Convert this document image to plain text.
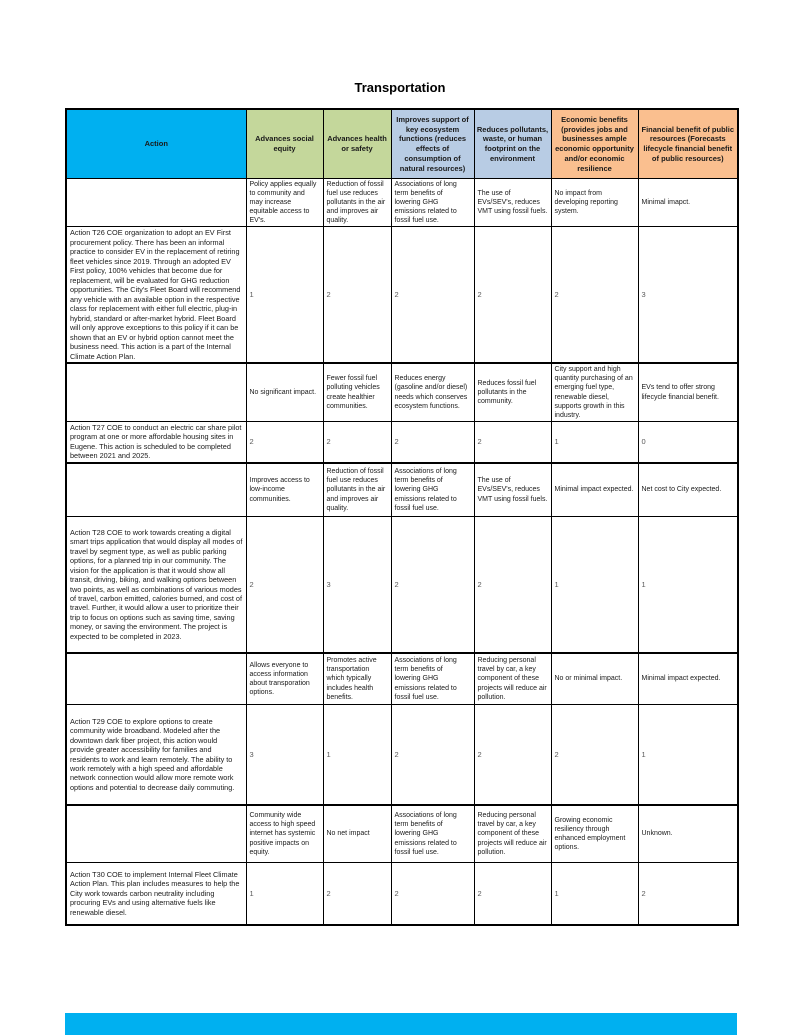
Transportation
Action	Advances social equity	Advances health or safety	Improves support of key ecosystem functions (reduces effects of consumption of natural resources)	Reduces pollutants, waste, or human footprint on the environment	Economic benefits (provides jobs and businesses ample economic opportunity and/or economic resilience	Financial benefit of public resources (Forecasts lifecycle financial benefit of public resources)
	Policy applies equally to community and may increase equitable access to EV's.	Reduction of fossil fuel use reduces pollutants in the air and improves air quality.	Associations of long term benefits of lowering GHG emissions related to fossil fuel use.	The use of EVs/SEV's, reduces VMT using fossil fuels.	No impact from developing reporting system.	Minimal imapct.
Action T26 COE organization to adopt an EV First procurement policy. There has been an informal practice to consider EV in the replacement of retiring fleet vehicles since 2019. Through an adopted EV First policy, 100% vehicles that become due for replacement, will be evaluated for GHG reduction opportunities. The City's Fleet Board will recommend any vehicle with an available option in the respective class for replacement with either full electric, plug-in hybrid, standard or after-market hybrid. Fleet Board will only approve exceptions to this policy if it can be shown that an EV or hybrid option cannot meet the business need. This action is a part of the Internal Climate Action Plan.	1	2	2	2	2	3
	No significant impact.	Fewer fossil fuel polluting vehicles create healthier communities.	Reduces energy (gasoline and/or diesel) needs which conserves ecosystem functions.	Reduces fossil fuel pollutants in the community.	City support and high quantity purchasing of an emerging fuel type, renewable diesel, supports growth in this industry.	EVs tend to offer strong lifecycle financial benefit.
Action T27 COE to conduct an electric car share pilot program at one or more affordable housing sites in Eugene. This action is scheduled to be completed between 2021 and 2025.	2	2	2	2	1	0
	Improves access to low-income communities.	Reduction of fossil fuel use reduces pollutants in the air and improves air quality.	Associations of long term benefits of lowering GHG emissions related to fossil fuel use.	The use of EVs/SEV's, reduces VMT using fossil fuels.	Minimal impact expected.	Net cost to City expected.
Action T28 COE to work towards creating a digital smart trips application that would display all modes of travel by segment type, as well as public parking options, for a planned trip in our community. The vision for the application is that it would show all transit, driving, biking, and walking options between two points, as well as combinations of various modes of travel, carbon emitted, calories burned, and cost of travel. Further, it would allow a user to prioritize their trip to focus on options such as saving time, saving money, or saving the environment. The project is expected to be completed in 2023.	2	3	2	2	1	1
	Allows everyone to access information about transporation options.	Promotes active transportation which typically includes health benefits.	Associations of long term benefits of lowering GHG emissions related to fossil fuel use.	Reducing personal travel by car, a key component of these projects will reduce air pollution.	No or minimal impact.	Minimal impact expected.
Action T29 COE to explore options to create community wide broadband. Modeled after the downtown dark fiber project, this action would provide greater accessibility for families and residents to work and learn remotely. The ability to work remotely with a high speed and affordable network connection would allow more remote work options and potential to decrease daily commuting.	3	1	2	2	2	1
	Community wide access to high speed internet has systemic positive impacts on equity.	No net impact	Associations of long term benefits of lowering GHG emissions related to fossil fuel use.	Reducing personal travel by car, a key component of these projects will reduce air pollution.	Growing economic resiliency through enhanced employment options.	Unknown.
Action T30 COE to implement Internal Fleet Climate Action Plan. This plan includes measures to help the City work towards carbon neutrality including procuring EVs and using alternative fuels like renewable diesel.	1	2	2	2	1	2
